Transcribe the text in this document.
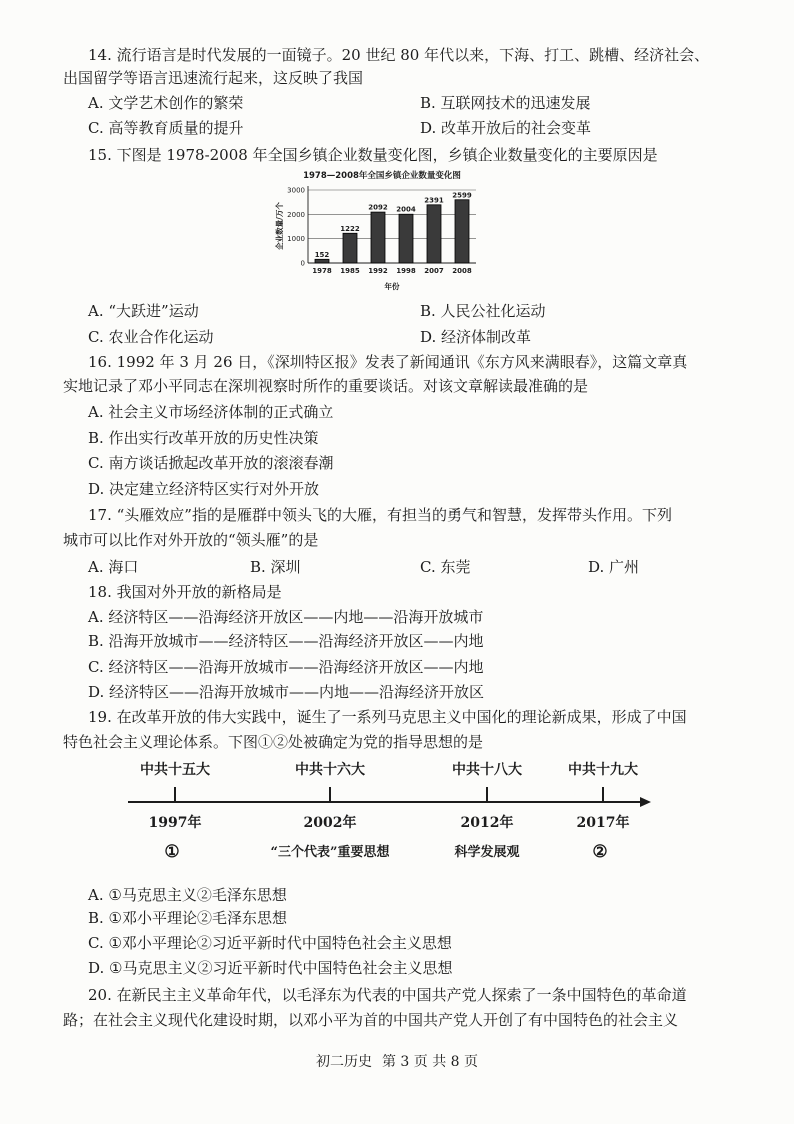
14. 流行语言是时代发展的一面镜子。20 世纪 80 年代以来，下海、打工、跳槽、经济社会、
出国留学等语言迅速流行起来，这反映了我国
A. 文学艺术创作的繁荣	B. 互联网技术的迅速发展
C. 高等教育质量的提升	D. 改革开放后的社会变革
15. 下图是 1978-2008 年全国乡镇企业数量变化图，乡镇企业数量变化的主要原因是
1978—2008年全国乡镇企业数量变化图
企业数量/万个
年份
0
1000
2000
3000
152
1978
1222
1985
2092
1992
2004
1998
2391
2007
2599
2008
A. “大跃进”运动	B. 人民公社化运动
C. 农业合作化运动	D. 经济体制改革
16. 1992 年 3 月 26 日，《深圳特区报》发表了新闻通讯《东方风来满眼春》，这篇文章真
实地记录了邓小平同志在深圳视察时所作的重要谈话。对该文章解读最准确的是
A. 社会主义市场经济体制的正式确立
B. 作出实行改革开放的历史性决策
C. 南方谈话掀起改革开放的滚滚春潮
D. 决定建立经济特区实行对外开放
17. “头雁效应”指的是雁群中领头飞的大雁，有担当的勇气和智慧，发挥带头作用。下列
城市可以比作对外开放的“领头雁”的是
A. 海口	B. 深圳	C. 东莞	D. 广州
18. 我国对外开放的新格局是
A. 经济特区——沿海经济开放区——内地——沿海开放城市
B. 沿海开放城市——经济特区——沿海经济开放区——内地
C. 经济特区——沿海开放城市——沿海经济开放区——内地
D. 经济特区——沿海开放城市——内地——沿海经济开放区
19. 在改革开放的伟大实践中，诞生了一系列马克思主义中国化的理论新成果，形成了中国
特色社会主义理论体系。下图①②处被确定为党的指导思想的是
中共十五大	中共十六大	中共十八大	中共十九大
1997年	2002年	2012年	2017年
①	“三个代表”重要思想	科学发展观	②
A. ①马克思主义②毛泽东思想
B. ①邓小平理论②毛泽东思想
C. ①邓小平理论②习近平新时代中国特色社会主义思想
D. ①马克思主义②习近平新时代中国特色社会主义思想
20. 在新民主主义革命年代，以毛泽东为代表的中国共产党人探索了一条中国特色的革命道
路；在社会主义现代化建设时期，以邓小平为首的中国共产党人开创了有中国特色的社会主义
初二历史 第 3 页 共 8 页
